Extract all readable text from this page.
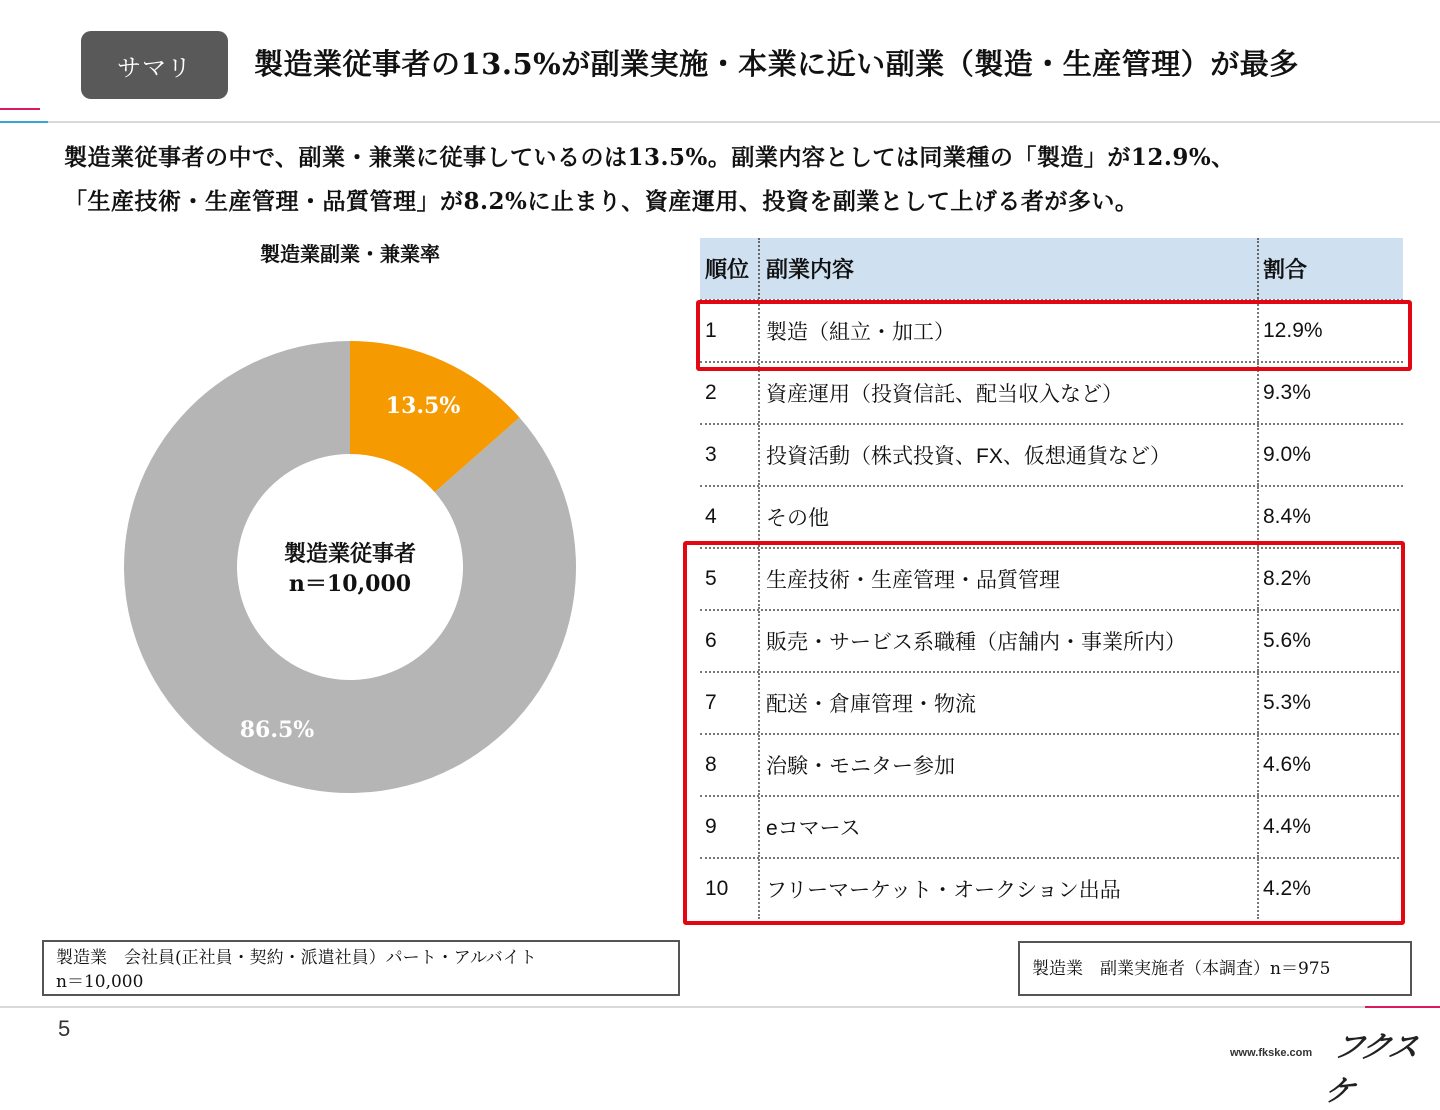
サマリ 製造業従事者の13.5%が副業実施・本業に近い副業（製造・生産管理）が最多
製造業従事者の中で、副業・兼業に従事しているのは13.5%。副業内容としては同業種の「製造」が12.9%、
「生産技術・生産管理・品質管理」が8.2%に止まり、資産運用、投資を副業として上げる者が多い。
製造業副業・兼業率
13.5%
86.5%
製造業従事者
n＝10,000
順位 副業内容	割合
1	製造（組立・加工）	12.9%
2	資産運用（投資信託、配当収入など）	9.3%
3	投資活動（株式投資、FX、仮想通貨など）	9.0%
4	その他	8.4%
5	生産技術・生産管理・品質管理	8.2%
6	販売・サービス系職種（店舗内・事業所内）	5.6%
7	配送・倉庫管理・物流	5.3%
8	治験・モニター参加	4.6%
9	eコマース	4.4%
10	フリーマーケット・オークション出品	4.2%
製造業　会社員(正社員・契約・派遣社員）パート・アルバイト
n＝10,000
製造業　副業実施者（本調査）n＝975
5
フクスケ
www.fkske.com
